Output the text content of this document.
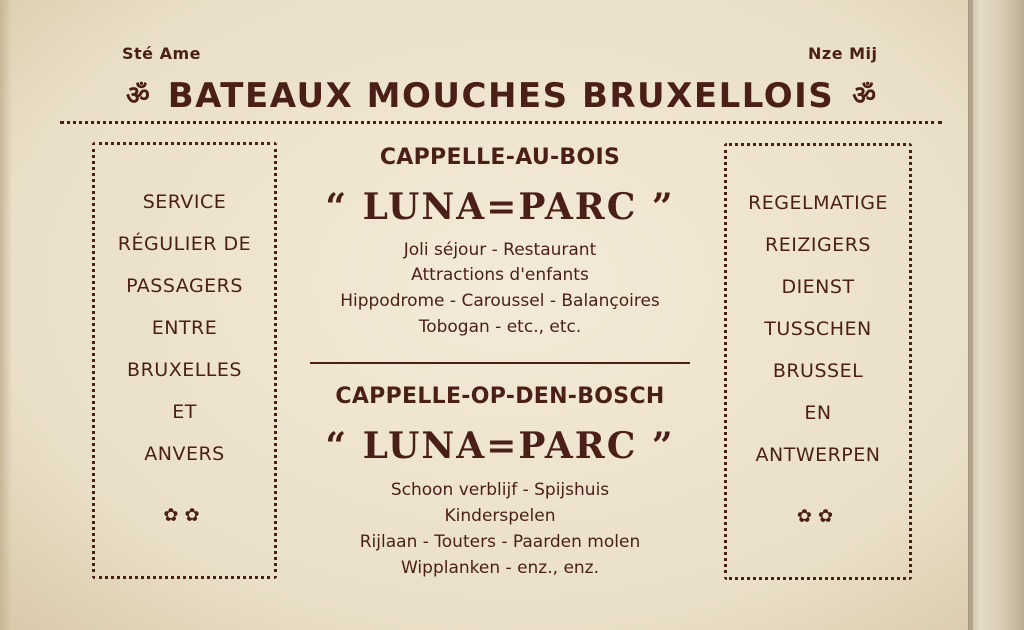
Sté Ame	Nze Mij
ॐ BATEAUX MOUCHES BRUXELLOIS ॐ
SERVICE
RÉGULIER DE
PASSAGERS
ENTRE
BRUXELLES
ET
ANVERS
✿✿
REGELMATIGE
REIZIGERS
DIENST
TUSSCHEN
BRUSSEL
EN
ANTWERPEN
✿✿
CAPPELLE-AU-BOIS
“ LUNA=PARC ”
Joli séjour - Restaurant
Attractions d'enfants
Hippodrome - Caroussel - Balançoires
Tobogan - etc., etc.
CAPPELLE-OP-DEN-BOSCH
“ LUNA=PARC ”
Schoon verblijf - Spijshuis
Kinderspelen
Rijlaan - Touters - Paarden molen
Wipplanken - enz., enz.
